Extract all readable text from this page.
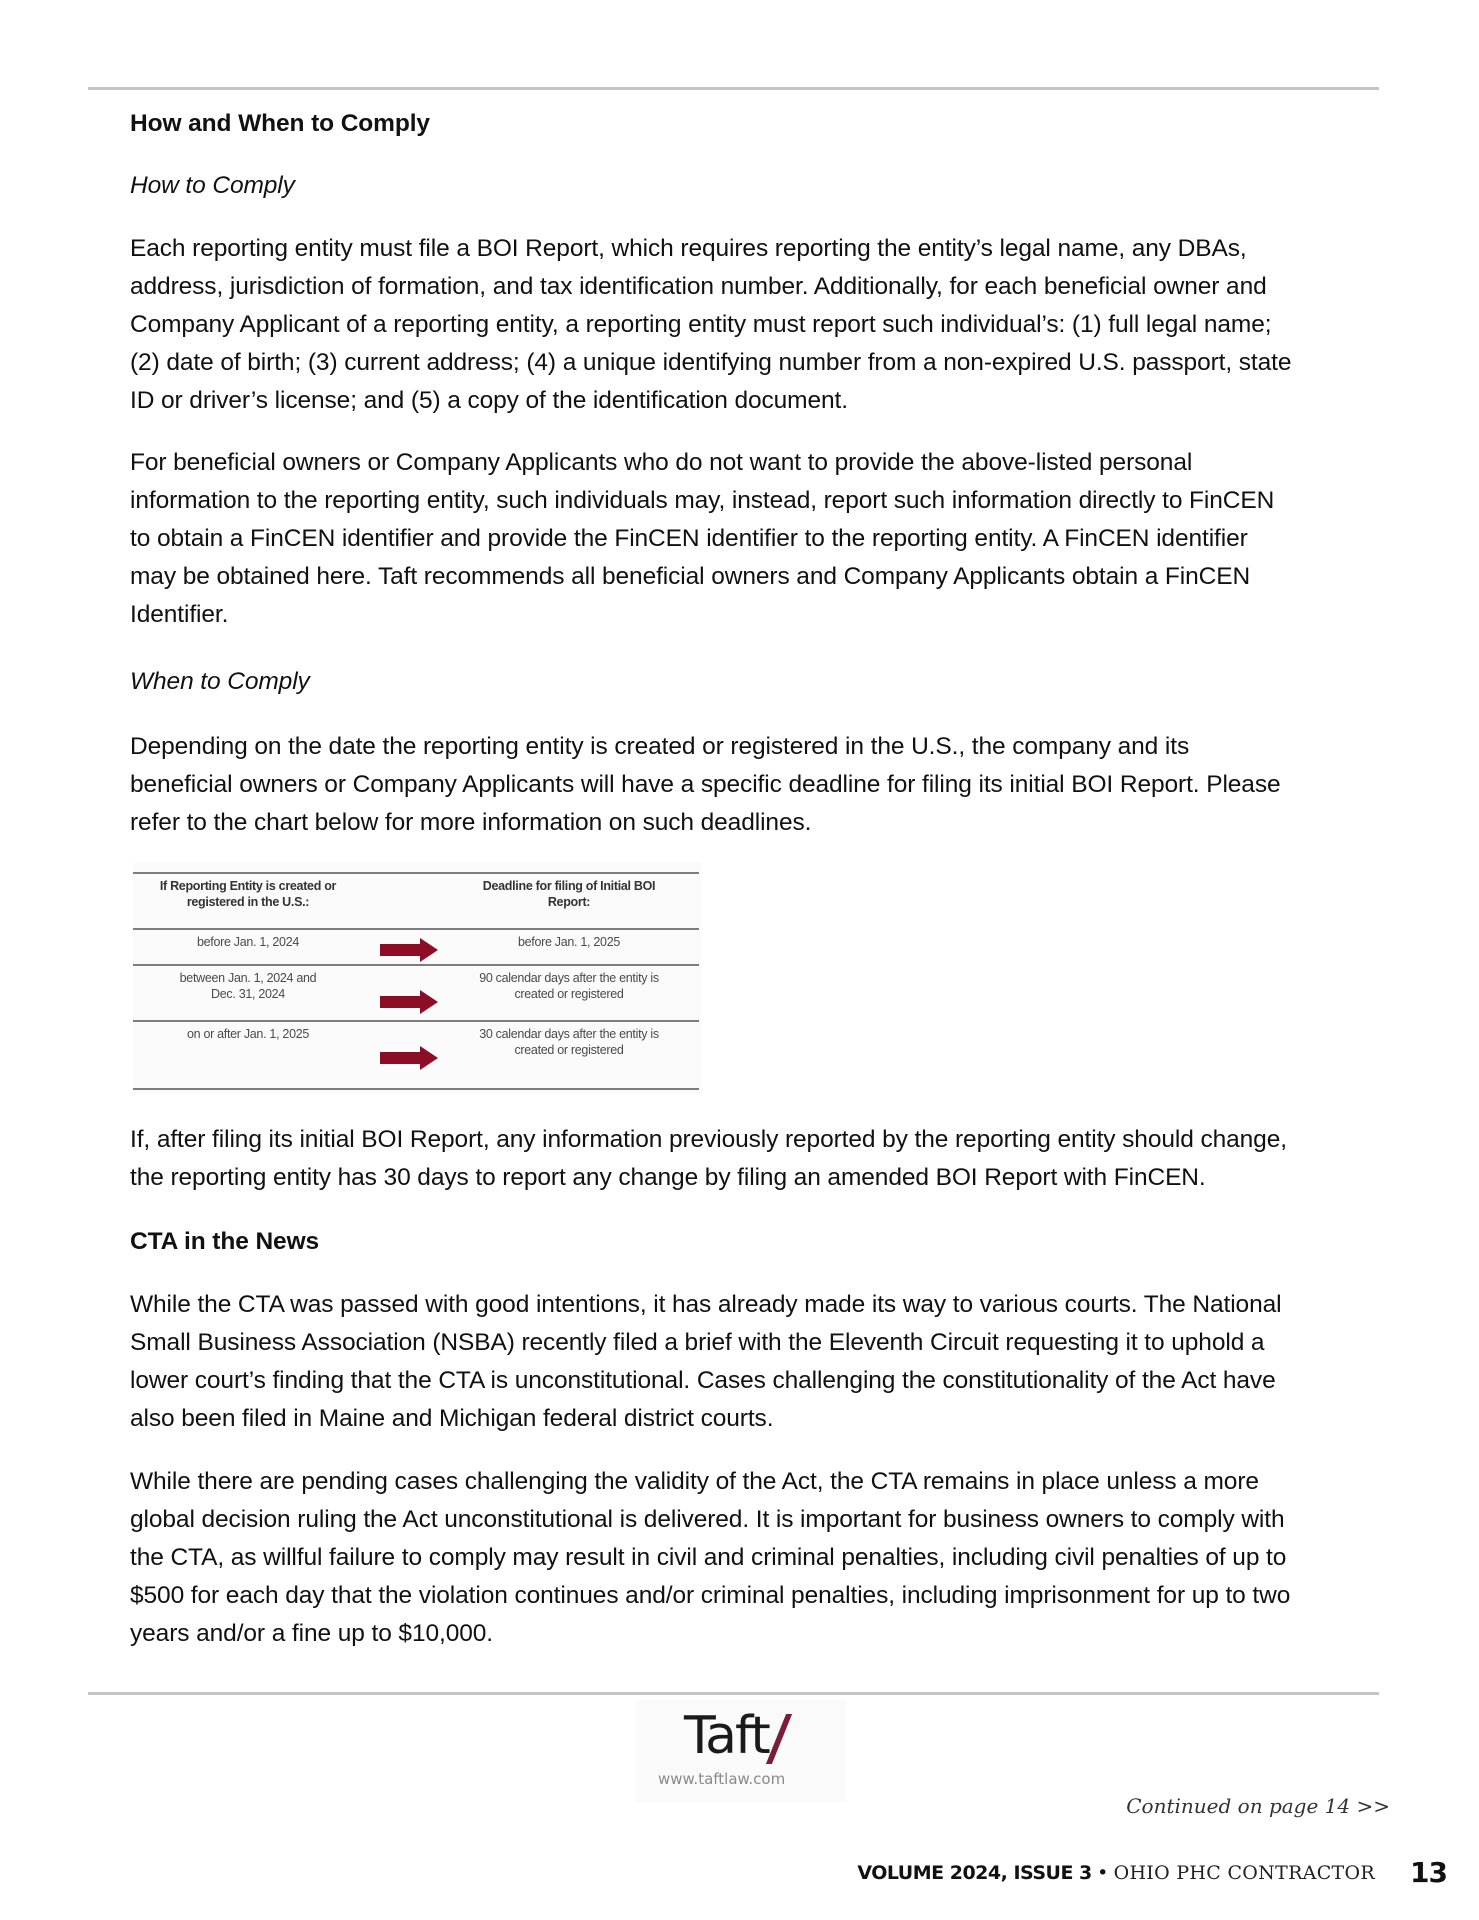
How and When to Comply
How to Comply
Each reporting entity must file a BOI Report, which requires reporting the entity’s legal name, any DBAs,
address, jurisdiction of formation, and tax identification number. Additionally, for each beneficial owner and
Company Applicant of a reporting entity, a reporting entity must report such individual’s: (1) full legal name;
(2) date of birth; (3) current address; (4) a unique identifying number from a non-expired U.S. passport, state
ID or driver’s license; and (5) a copy of the identification document.
For beneficial owners or Company Applicants who do not want to provide the above-listed personal
information to the reporting entity, such individuals may, instead, report such information directly to FinCEN
to obtain a FinCEN identifier and provide the FinCEN identifier to the reporting entity. A FinCEN identifier
may be obtained here. Taft recommends all beneficial owners and Company Applicants obtain a FinCEN
Identifier.
When to Comply
Depending on the date the reporting entity is created or registered in the U.S., the company and its
beneficial owners or Company Applicants will have a specific deadline for filing its initial BOI Report. Please
refer to the chart below for more information on such deadlines.
If Reporting Entity is created or
registered in the U.S.:
Deadline for filing of Initial BOI
Report:
before Jan. 1, 2024	before Jan. 1, 2025
between Jan. 1, 2024 and
Dec. 31, 2024
90 calendar days after the entity is
created or registered
on or after Jan. 1, 2025	30 calendar days after the entity is
created or registered
If, after filing its initial BOI Report, any information previously reported by the reporting entity should change,
the reporting entity has 30 days to report any change by filing an amended BOI Report with FinCEN.
CTA in the News
While the CTA was passed with good intentions, it has already made its way to various courts. The National
Small Business Association (NSBA) recently filed a brief with the Eleventh Circuit requesting it to uphold a
lower court’s finding that the CTA is unconstitutional. Cases challenging the constitutionality of the Act have
also been filed in Maine and Michigan federal district courts.
While there are pending cases challenging the validity of the Act, the CTA remains in place unless a more
global decision ruling the Act unconstitutional is delivered. It is important for business owners to comply with
the CTA, as willful failure to comply may result in civil and criminal penalties, including civil penalties of up to
$500 for each day that the violation continues and/or criminal penalties, including imprisonment for up to two
years and/or a fine up to $10,000.
Taft
www.taftlaw.com
Continued on page 14 >>
VOLUME 2024, ISSUE 3 • OHIO PHC CONTRACTOR 13
